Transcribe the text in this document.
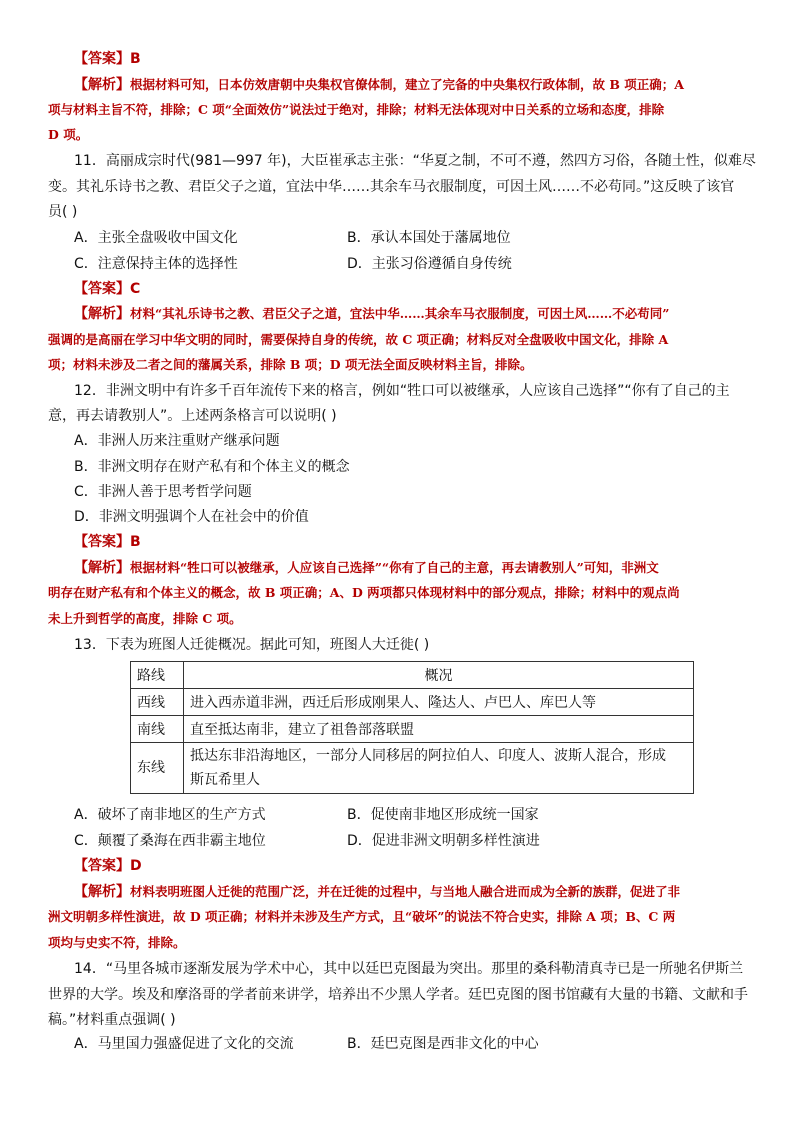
【答案】B
【解析】根据材料可知，日本仿效唐朝中央集权官僚体制，建立了完备的中央集权行政体制，故 B 项正确；A
项与材料主旨不符，排除；C 项“全面效仿”说法过于绝对，排除；材料无法体现对中日关系的立场和态度，排除
D 项。
11．高丽成宗时代(981—997 年)，大臣崔承志主张：“华夏之制，不可不遵，然四方习俗，各随土性，似难尽
变。其礼乐诗书之教、君臣父子之道，宜法中华……其余车马衣服制度，可因土风……不必苟同。”这反映了该官
员( )
A．主张全盘吸收中国文化	B．承认本国处于藩属地位
C．注意保持主体的选择性	D．主张习俗遵循自身传统
【答案】C
【解析】材料“其礼乐诗书之教、君臣父子之道，宜法中华……其余车马衣服制度，可因土风……不必苟同”
强调的是高丽在学习中华文明的同时，需要保持自身的传统，故 C 项正确；材料反对全盘吸收中国文化，排除 A
项；材料未涉及二者之间的藩属关系，排除 B 项；D 项无法全面反映材料主旨，排除。
12．非洲文明中有许多千百年流传下来的格言，例如“牲口可以被继承，人应该自己选择”“你有了自己的主
意，再去请教别人”。上述两条格言可以说明( )
A．非洲人历来注重财产继承问题
B．非洲文明存在财产私有和个体主义的概念
C．非洲人善于思考哲学问题
D．非洲文明强调个人在社会中的价值
【答案】B
【解析】根据材料“牲口可以被继承，人应该自己选择”“你有了自己的主意，再去请教别人”可知，非洲文
明存在财产私有和个体主义的概念，故 B 项正确；A、D 两项都只体现材料中的部分观点，排除；材料中的观点尚
未上升到哲学的高度，排除 C 项。
13．下表为班图人迁徙概况。据此可知，班图人大迁徙( )
路线	概况
西线	进入西赤道非洲，西迁后形成刚果人、隆达人、卢巴人、库巴人等
南线	直至抵达南非，建立了祖鲁部落联盟
东线	抵达东非沿海地区，一部分人同移居的阿拉伯人、印度人、波斯人混合，形成
斯瓦希里人
A．破坏了南非地区的生产方式	B．促使南非地区形成统一国家
C．颠覆了桑海在西非霸主地位	D．促进非洲文明朝多样性演进
【答案】D
【解析】材料表明班图人迁徙的范围广泛，并在迁徙的过程中，与当地人融合进而成为全新的族群，促进了非
洲文明朝多样性演进，故 D 项正确；材料并未涉及生产方式，且“破坏”的说法不符合史实，排除 A 项；B、C 两
项均与史实不符，排除。
14．“马里各城市逐渐发展为学术中心，其中以廷巴克图最为突出。那里的桑科勒清真寺已是一所驰名伊斯兰
世界的大学。埃及和摩洛哥的学者前来讲学，培养出不少黑人学者。廷巴克图的图书馆藏有大量的书籍、文献和手
稿。”材料重点强调( )
A．马里国力强盛促进了文化的交流	B．廷巴克图是西非文化的中心
